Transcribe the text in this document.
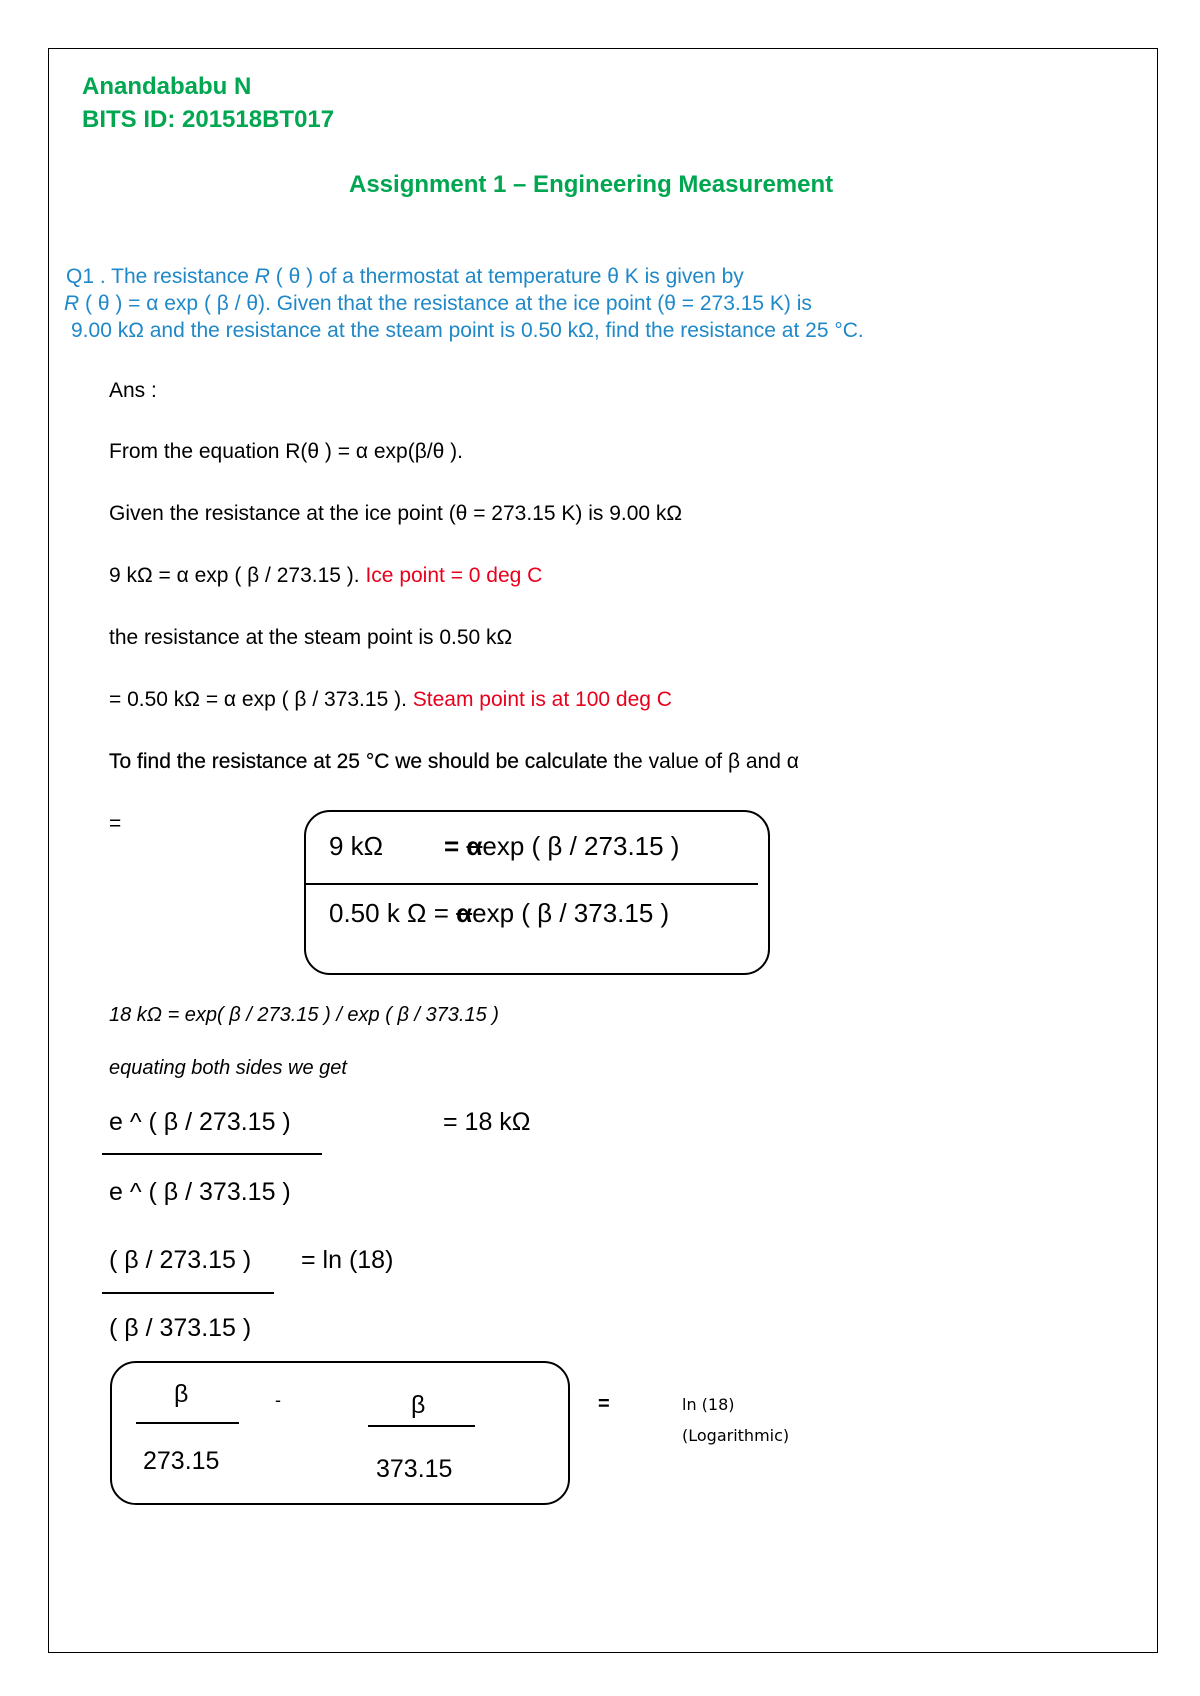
Anandababu N
BITS ID: 201518BT017
Assignment 1 – Engineering Measurement
Q1 . The resistance R ( θ ) of a thermostat at temperature θ K is given by
R ( θ ) = α exp ( β / θ). Given that the resistance at the ice point (θ = 273.15 K) is
9.00 kΩ and the resistance at the steam point is 0.50 kΩ, find the resistance at 25 °C.
Ans :
From the equation R(θ ) = α exp(β/θ ).
Given the resistance at the ice point (θ = 273.15 K) is 9.00 kΩ
9 kΩ = α exp ( β / 273.15 ). Ice point = 0 deg C
the resistance at the steam point is 0.50 kΩ
= 0.50 kΩ = α exp ( β / 373.15 ). Steam point is at 100 deg C
To find the resistance at 25 °C we should be calculate the value of β and α
=
9 kΩ = αexp ( β / 273.15 )
0.50 k Ω = αexp ( β / 373.15 )
18 kΩ = exp( β / 273.15 ) / exp ( β / 373.15 )
equating both sides we get
e ^ ( β / 273.15 )	= 18 kΩ
e ^ ( β / 373.15 )
( β / 273.15 ) = ln (18)
( β / 373.15 )
β
273.15
-	β
373.15
=	ln (18)
(Logarithmic)
